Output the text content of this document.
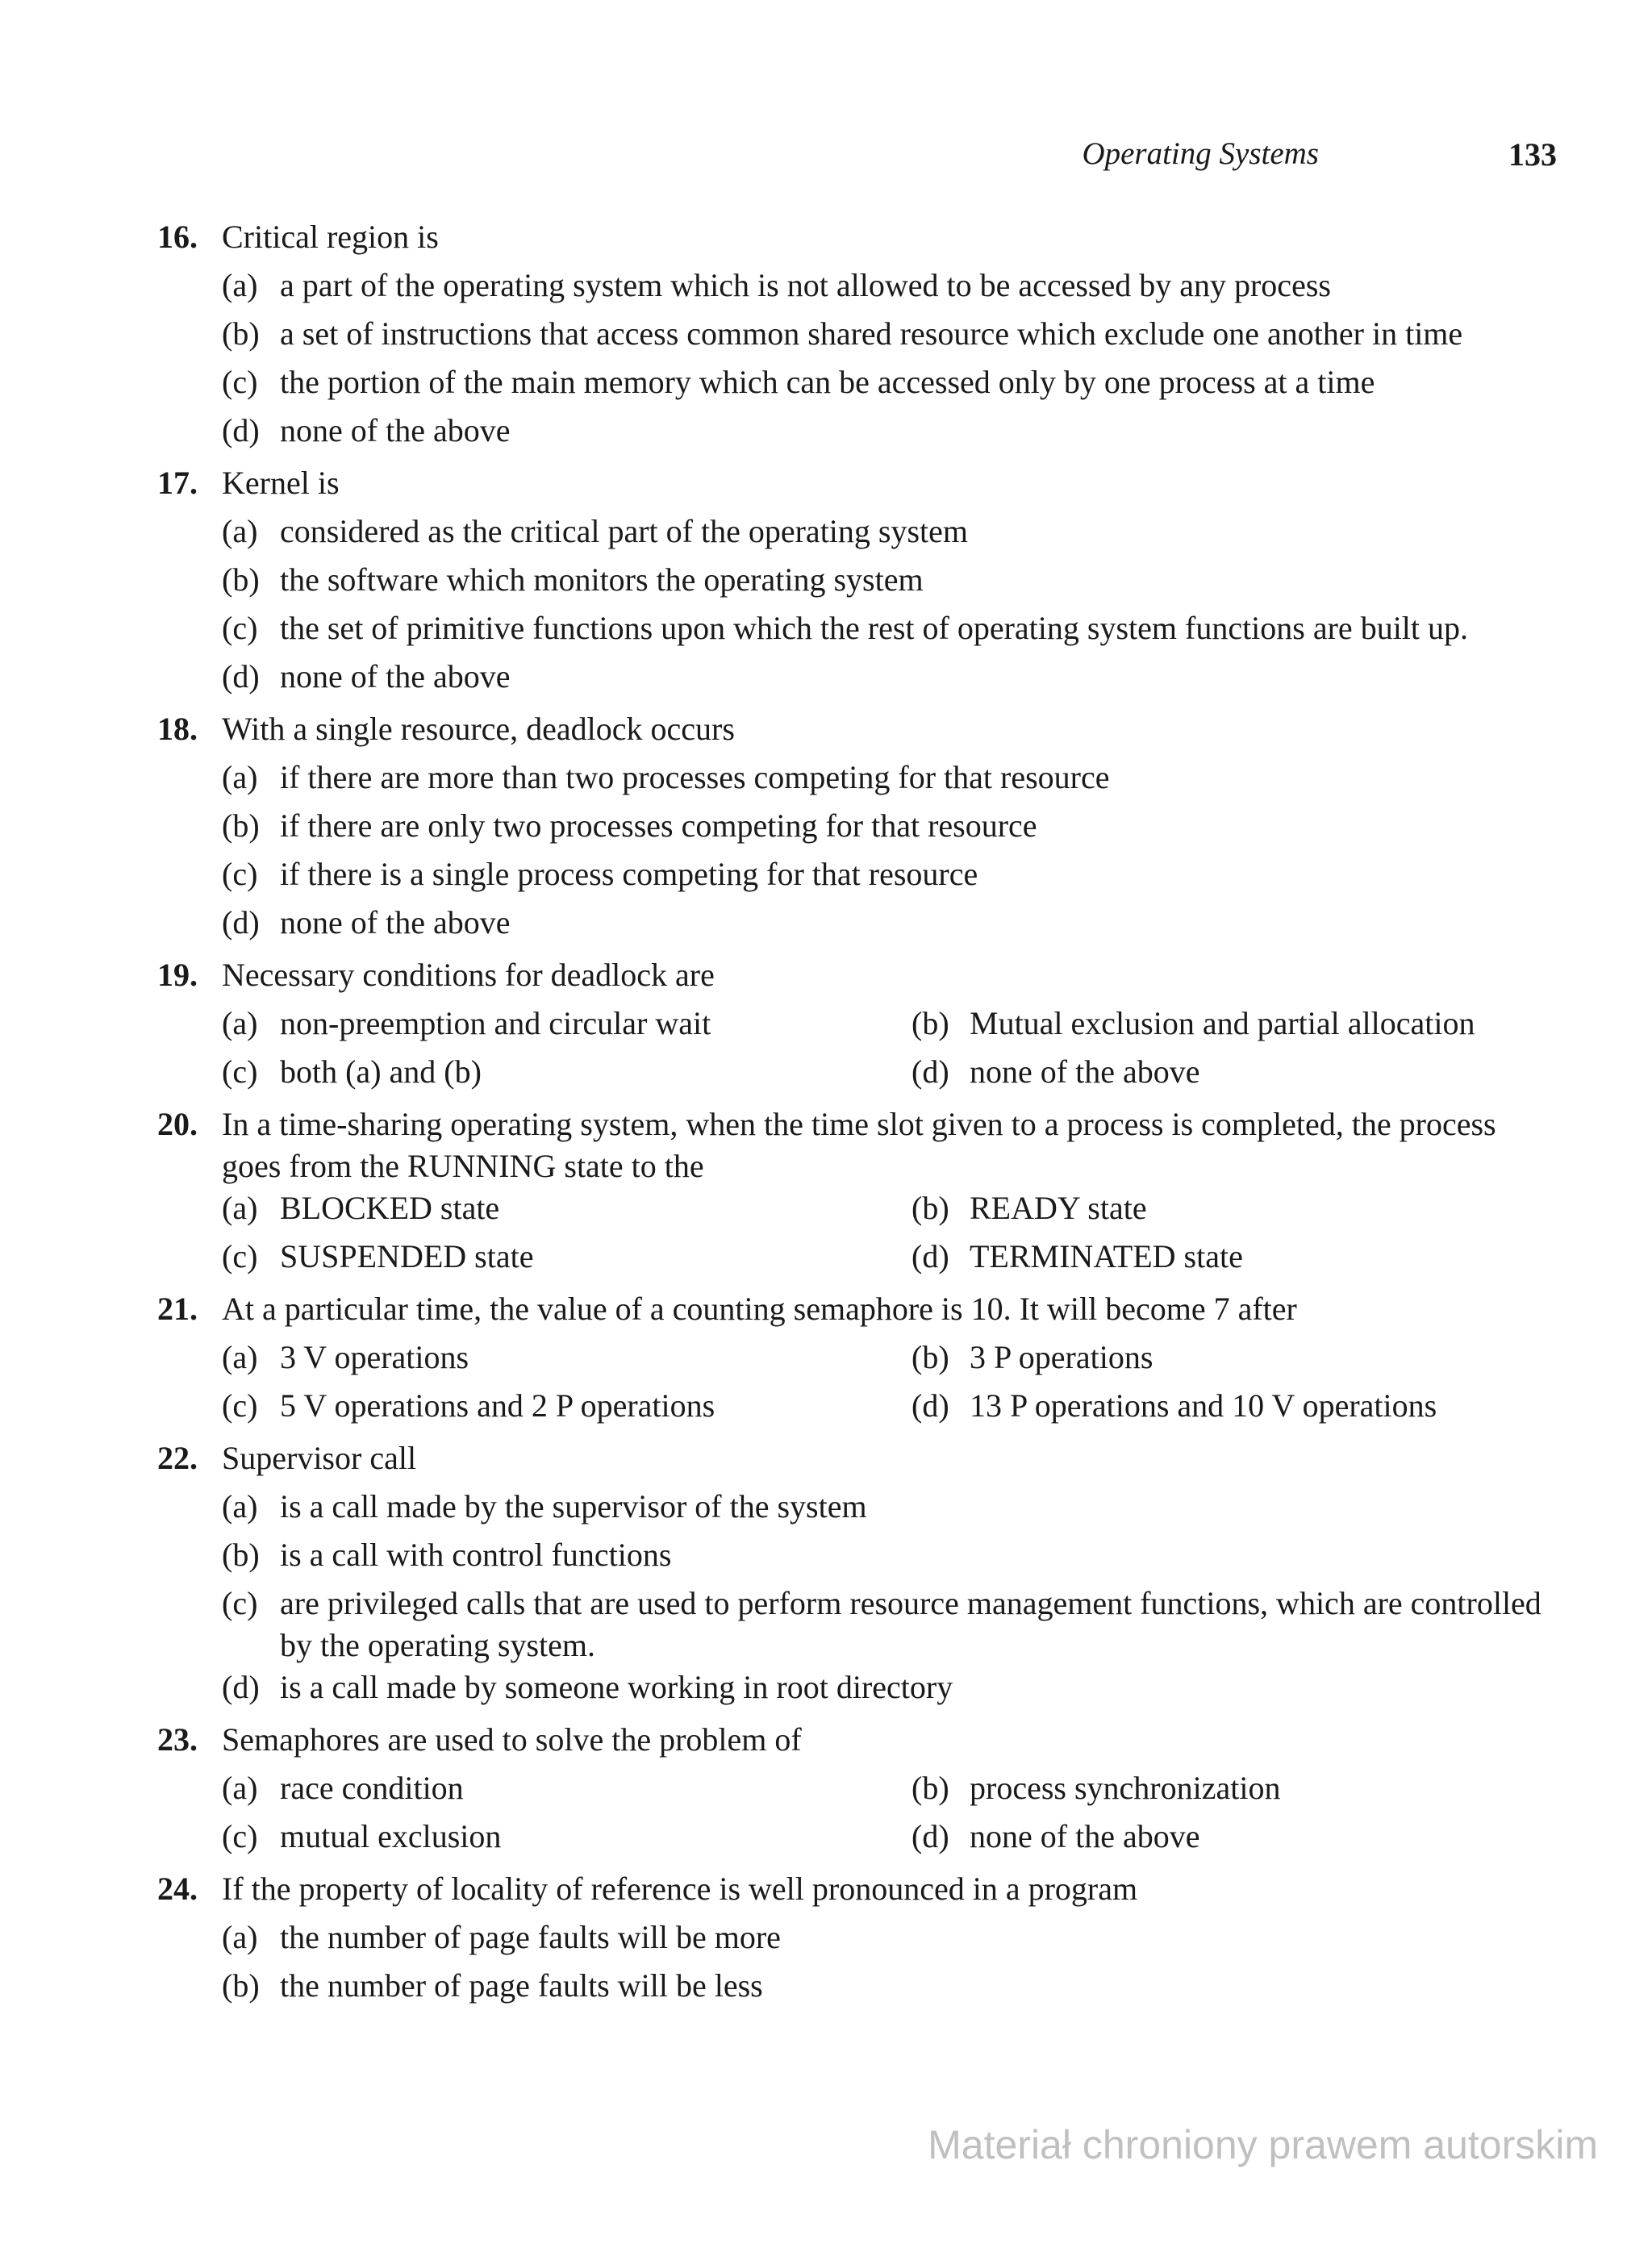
Operating Systems	133
16. Critical region is
(a) a part of the operating system which is not allowed to be accessed by any process
(b) a set of instructions that access common shared resource which exclude one another in time
(c) the portion of the main memory which can be accessed only by one process at a time
(d) none of the above
17. Kernel is
(a) considered as the critical part of the operating system
(b) the software which monitors the operating system
(c) the set of primitive functions upon which the rest of operating system functions are built up.
(d) none of the above
18. With a single resource, deadlock occurs
(a) if there are more than two processes competing for that resource
(b) if there are only two processes competing for that resource
(c) if there is a single process competing for that resource
(d) none of the above
19. Necessary conditions for deadlock are
(a) non-preemption and circular wait	(b) Mutual exclusion and partial allocation
(c) both (a) and (b)	(d) none of the above
20. In a time-sharing operating system, when the time slot given to a process is completed, the process goes from the RUNNING state to the
(a) BLOCKED state	(b) READY state
(c) SUSPENDED state	(d) TERMINATED state
21. At a particular time, the value of a counting semaphore is 10. It will become 7 after
(a) 3 V operations	(b) 3 P operations
(c) 5 V operations and 2 P operations	(d) 13 P operations and 10 V operations
22. Supervisor call
(a) is a call made by the supervisor of the system
(b) is a call with control functions
(c) are privileged calls that are used to perform resource management functions, which are controlled by the operating system.
(d) is a call made by someone working in root directory
23. Semaphores are used to solve the problem of
(a) race condition	(b) process synchronization
(c) mutual exclusion	(d) none of the above
24. If the property of locality of reference is well pronounced in a program
(a) the number of page faults will be more
(b) the number of page faults will be less
Materiał chroniony prawem autorskim
